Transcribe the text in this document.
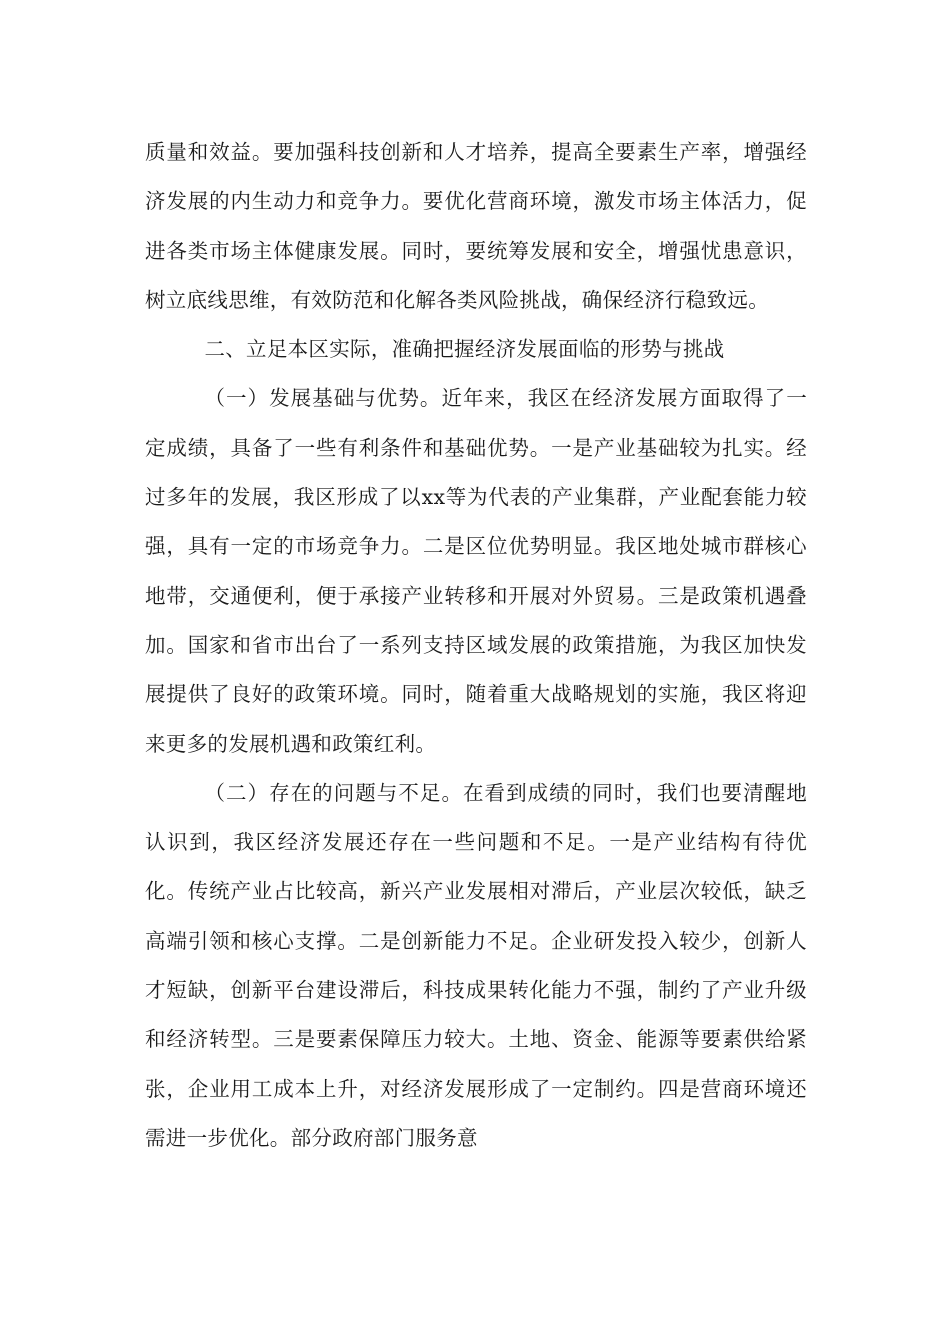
质量和效益。要加强科技创新和人才培养，提高全要素生产率，增强经济发展的内生动力和竞争力。要优化营商环境，激发市场主体活力，促进各类市场主体健康发展。同时，要统筹发展和安全，增强忧患意识，树立底线思维，有效防范和化解各类风险挑战，确保经济行稳致远。

二、立足本区实际，准确把握经济发展面临的形势与挑战

（一）发展基础与优势。近年来，我区在经济发展方面取得了一定成绩，具备了一些有利条件和基础优势。一是产业基础较为扎实。经过多年的发展，我区形成了以xx等为代表的产业集群，产业配套能力较强，具有一定的市场竞争力。二是区位优势明显。我区地处城市群核心地带，交通便利，便于承接产业转移和开展对外贸易。三是政策机遇叠加。国家和省市出台了一系列支持区域发展的政策措施，为我区加快发展提供了良好的政策环境。同时，随着重大战略规划的实施，我区将迎来更多的发展机遇和政策红利。

（二）存在的问题与不足。在看到成绩的同时，我们也要清醒地认识到，我区经济发展还存在一些问题和不足。一是产业结构有待优化。传统产业占比较高，新兴产业发展相对滞后，产业层次较低，缺乏高端引领和核心支撑。二是创新能力不足。企业研发投入较少，创新人才短缺，创新平台建设滞后，科技成果转化能力不强，制约了产业升级和经济转型。三是要素保障压力较大。土地、资金、能源等要素供给紧张，企业用工成本上升，对经济发展形成了一定制约。四是营商环境还需进一步优化。部分政府部门服务意
